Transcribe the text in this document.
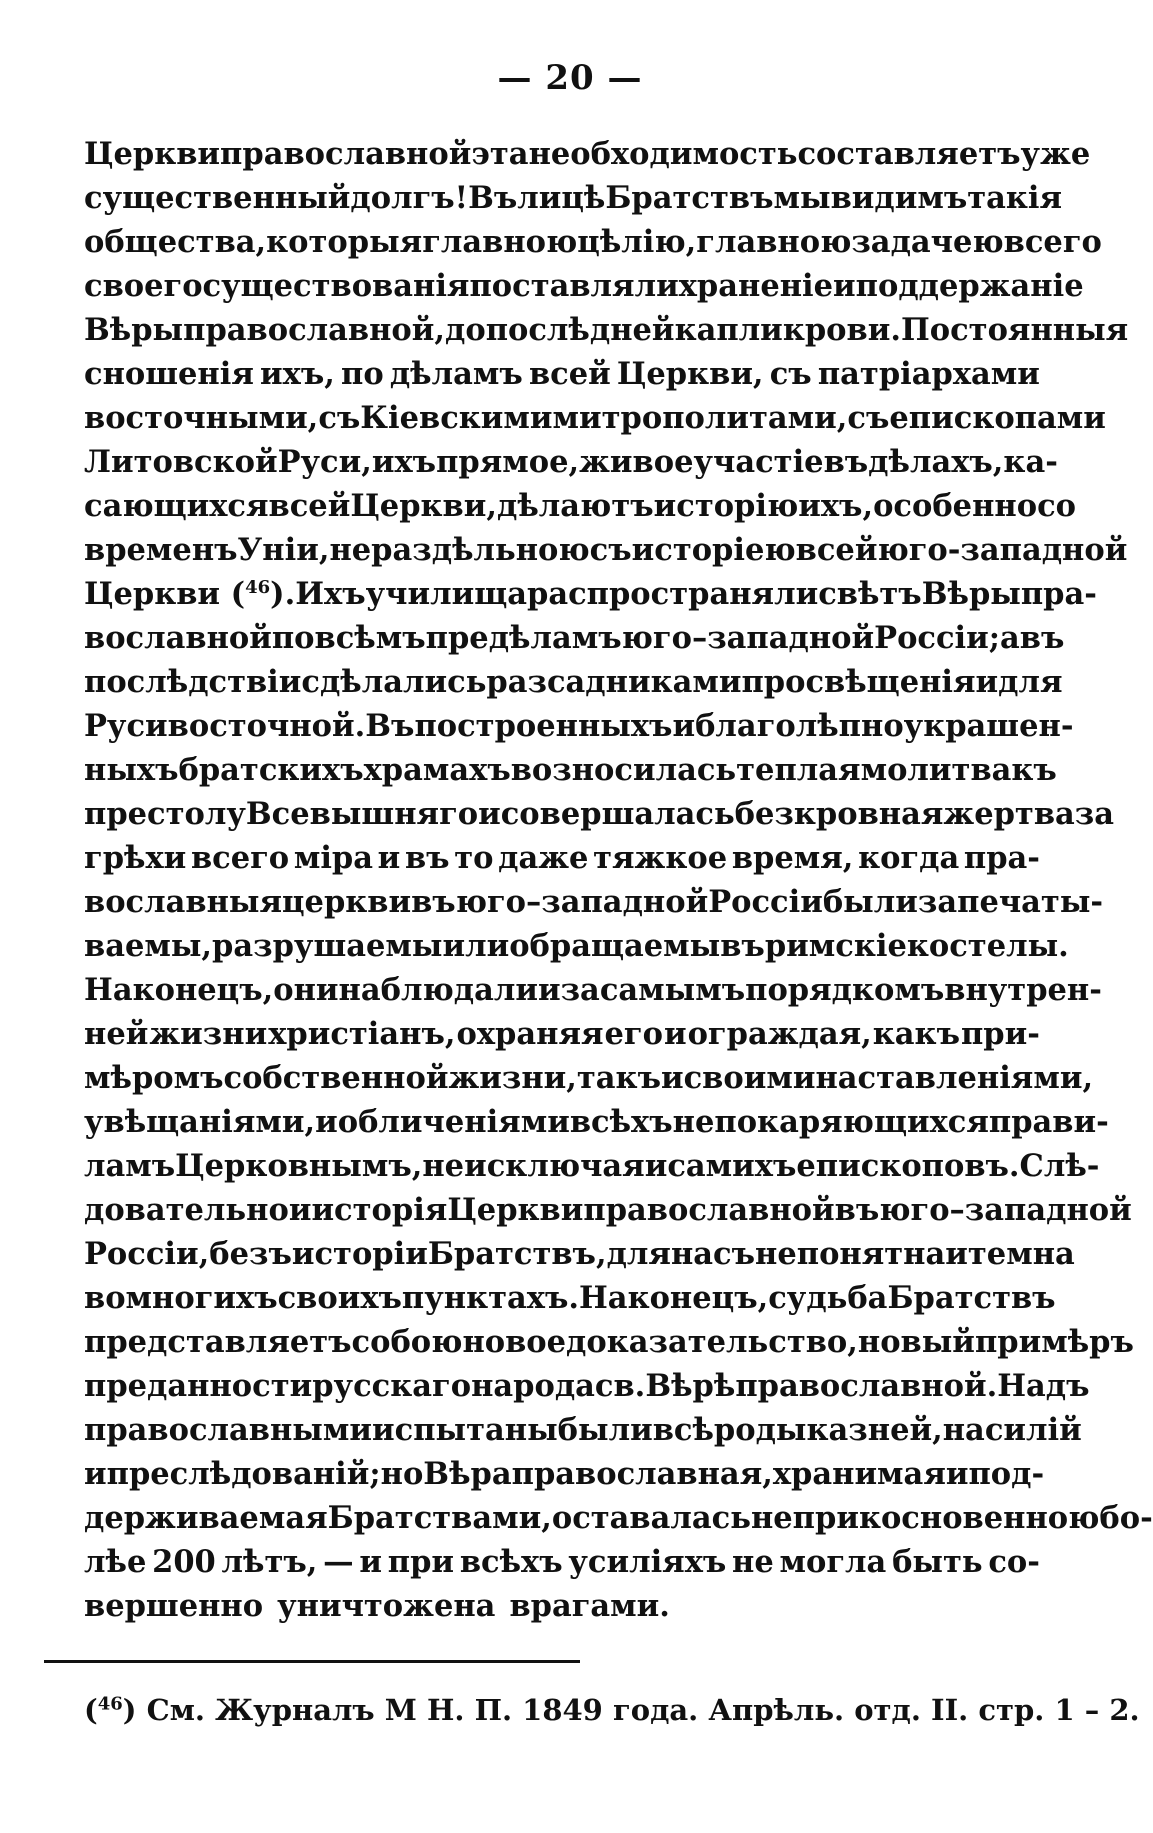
— 20 —
Церкви православной эта необходимость составляетъ уже
существенный долгъ! Въ лицѣ Братствъ мы видимъ такія
общества, которыя главною цѣлію, главною задачею всего
своего существованія поставляли храненіе и поддержаніе
Вѣры православной, до послѣдней капли крови. Постоянныя
сношенія ихъ, по дѣламъ всей Церкви, съ патріархами
восточными, съ Кіевскими митрополитами, съ епископами
Литовской Руси, ихъ прямое, живое участіе въ дѣлахъ, ка-
сающихся всей Церкви, дѣлаютъ исторію ихъ, особенно со
временъ Уніи, нераздѣльною съ исторіею всей юго-западной
Церкви ($^{46}$). Ихъ училища распространяли свѣтъ Вѣры пра-
вославной по всѣмъ предѣламъ юго–западной Россіи; а въ
послѣдствіи сдѣлались разсадниками просвѣщенія и для
Руси восточной. Въ построенныхъ и благолѣпно украшен-
ныхъ братскихъ храмахъ возносилась теплая молитва къ
престолу Всевышняго и совершалась безкровная жертва за
грѣхи всего міра и въ то даже тяжкое время, когда пра-
вославныя церкви въ юго–западной Россіи были запечаты-
ваемы, разрушаемы или обращаемы въ римскіе костелы.
Наконецъ, они наблюдали и за самымъ порядкомъ внутрен-
ней жизни христіанъ, охраняя его и ограждая, какъ при-
мѣромъ собственной жизни, такъ и своими наставленіями,
увѣщаніями, и обличеніями всѣхъ непокаряющихся прави-
ламъ Церковнымъ, не исключая и самихъ епископовъ. Слѣ-
довательно и исторія Церкви православной въ юго–западной
Россіи, безъ исторіи Братствъ, для насъ непонятна и темна
во многихъ своихъ пунктахъ. Наконецъ, судьба Братствъ
представляетъ собою новое доказательство, новый примѣръ
преданности русскаго народа св. Вѣрѣ православной. Надъ
православными испытаны были всѣ роды казней, насилій
и преслѣдованій; но Вѣра православная, хранимая и под-
держиваемая Братствами, оставалась неприкосновенною бо-
лѣе 200 лѣтъ, — и при всѣхъ усиліяхъ не могла быть со-
вершенно уничтожена врагами.
($^{46}$) См. Журналъ М Н. П. 1849 года. Апрѣль. отд. II. стр. 1 – 2.
